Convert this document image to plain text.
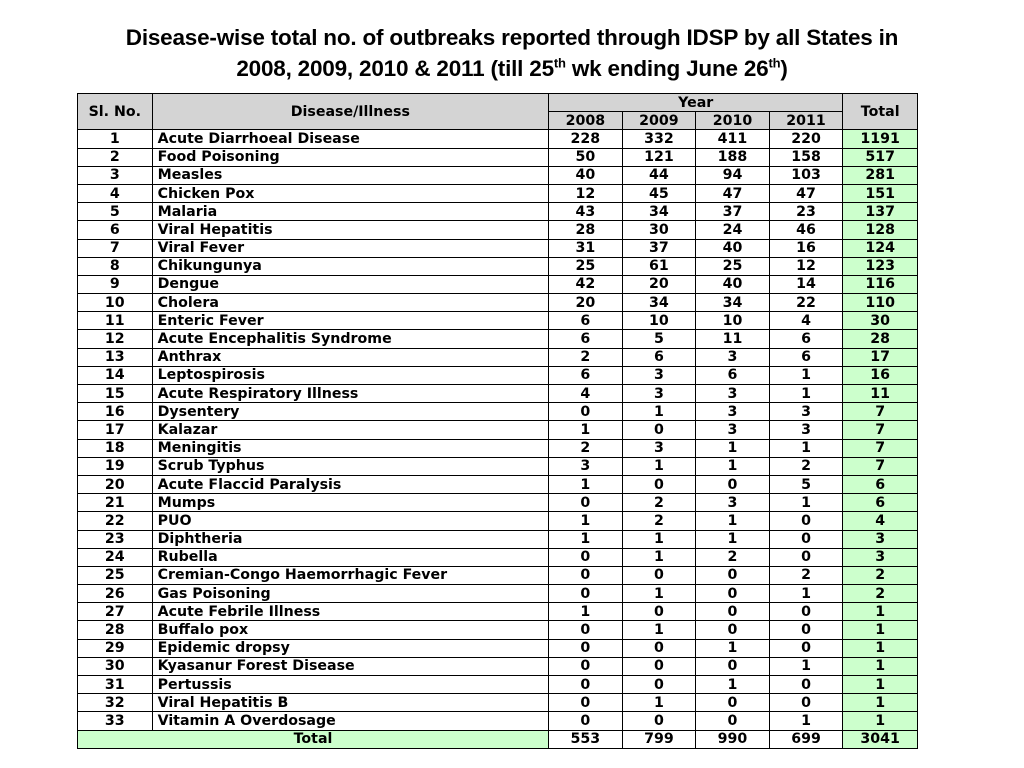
Disease-wise total no. of outbreaks reported through IDSP by all States in
2008, 2009, 2010 & 2011 (till 25th wk ending June 26th)
Sl. No.	Disease/Illness	Year				Total
		2008	2009	2010	2011	
1	Acute Diarrhoeal Disease	228	332	411	220	1191
2	Food Poisoning	50	121	188	158	517
3	Measles	40	44	94	103	281
4	Chicken Pox	12	45	47	47	151
5	Malaria	43	34	37	23	137
6	Viral Hepatitis	28	30	24	46	128
7	Viral Fever	31	37	40	16	124
8	Chikungunya	25	61	25	12	123
9	Dengue	42	20	40	14	116
10	Cholera	20	34	34	22	110
11	Enteric Fever	6	10	10	4	30
12	Acute Encephalitis Syndrome	6	5	11	6	28
13	Anthrax	2	6	3	6	17
14	Leptospirosis	6	3	6	1	16
15	Acute Respiratory Illness	4	3	3	1	11
16	Dysentery	0	1	3	3	7
17	Kalazar	1	0	3	3	7
18	Meningitis	2	3	1	1	7
19	Scrub Typhus	3	1	1	2	7
20	Acute Flaccid Paralysis	1	0	0	5	6
21	Mumps	0	2	3	1	6
22	PUO	1	2	1	0	4
23	Diphtheria	1	1	1	0	3
24	Rubella	0	1	2	0	3
25	Cremian-Congo Haemorrhagic Fever	0	0	0	2	2
26	Gas Poisoning	0	1	0	1	2
27	Acute Febrile Illness	1	0	0	0	1
28	Buffalo pox	0	1	0	0	1
29	Epidemic dropsy	0	0	1	0	1
30	Kyasanur Forest Disease	0	0	0	1	1
31	Pertussis	0	0	1	0	1
32	Viral Hepatitis B	0	1	0	0	1
33	Vitamin A Overdosage	0	0	0	1	1
Total		553	799	990	699	3041
